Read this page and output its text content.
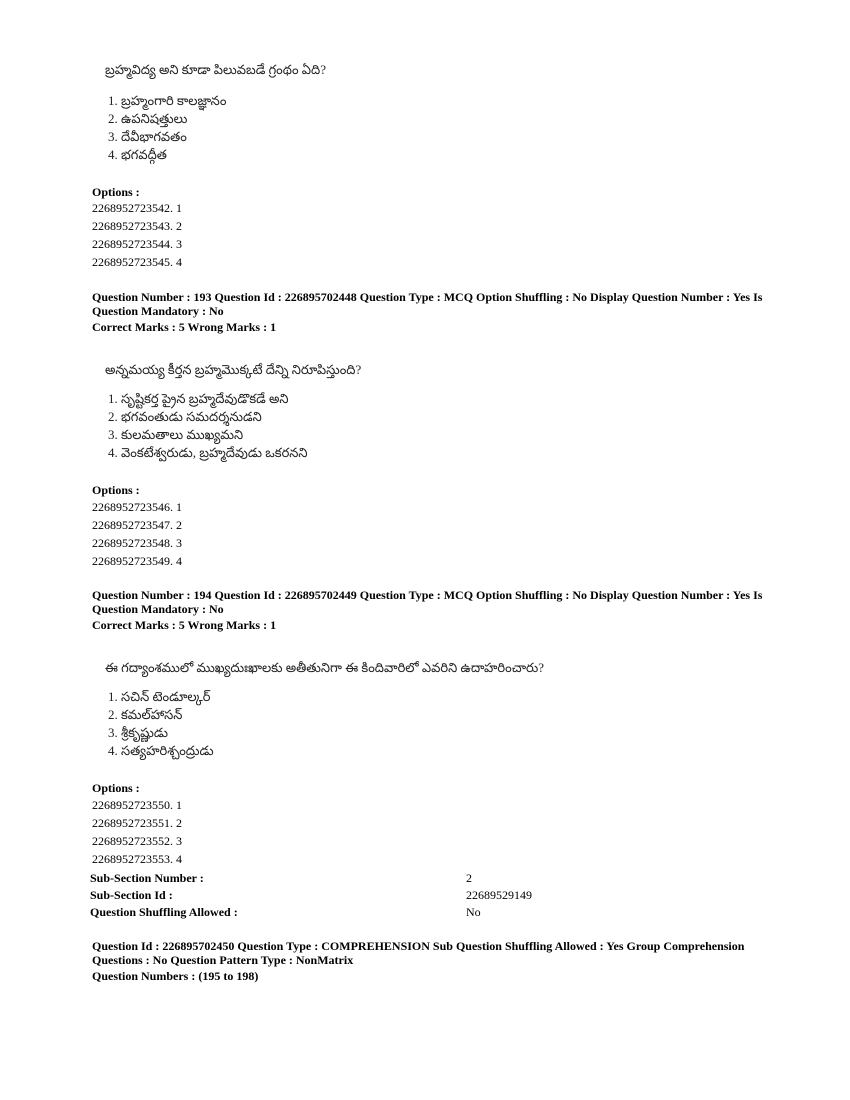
బ్రహ్మవిద్య అని కూడా పిలువబడే గ్రంథం ఏది?
1. బ్రహ్మంగారి కాలజ్ఞానం
2. ఉపనిషత్తులు
3. దేవీభాగవతం
4. భగవద్గీత
Options :
2268952723542. 1
2268952723543. 2
2268952723544. 3
2268952723545. 4
Question Number : 193 Question Id : 226895702448 Question Type : MCQ Option Shuffling : No Display Question Number : Yes Is Question Mandatory : No
Correct Marks : 5 Wrong Marks : 1
అన్నమయ్య కీర్తన బ్రహ్మమొక్కటే దేన్ని నిరూపిస్తుంది?
1. సృష్టికర్త ప్రైన బ్రహ్మదేవుడొకడే అని
2. భగవంతుడు సమదర్శనుడని
3. కులమతాలు ముఖ్యమని
4. వెంకటేశ్వరుడు, బ్రహ్మదేవుడు ఒకరనని
Options :
2268952723546. 1
2268952723547. 2
2268952723548. 3
2268952723549. 4
Question Number : 194 Question Id : 226895702449 Question Type : MCQ Option Shuffling : No Display Question Number : Yes Is Question Mandatory : No
Correct Marks : 5 Wrong Marks : 1
ఈ గద్యాంశములో ముఖ్యదుఃఖాలకు అతీతునిగా ఈ కిందివారిలో ఎవరిని ఉదాహరించారు?
1. సచిన్ టెండూల్కర్
2. కమల్‌హాసన్
3. శ్రీకృష్ణుడు
4. సత్యహరిశ్చంద్రుడు
Options :
2268952723550. 1
2268952723551. 2
2268952723552. 3
2268952723553. 4
Sub-Section Number :	2
Sub-Section Id :	22689529149
Question Shuffling Allowed :	No
Question Id : 226895702450 Question Type : COMPREHENSION Sub Question Shuffling Allowed : Yes Group Comprehension Questions : No Question Pattern Type : NonMatrix
Question Numbers : (195 to 198)
